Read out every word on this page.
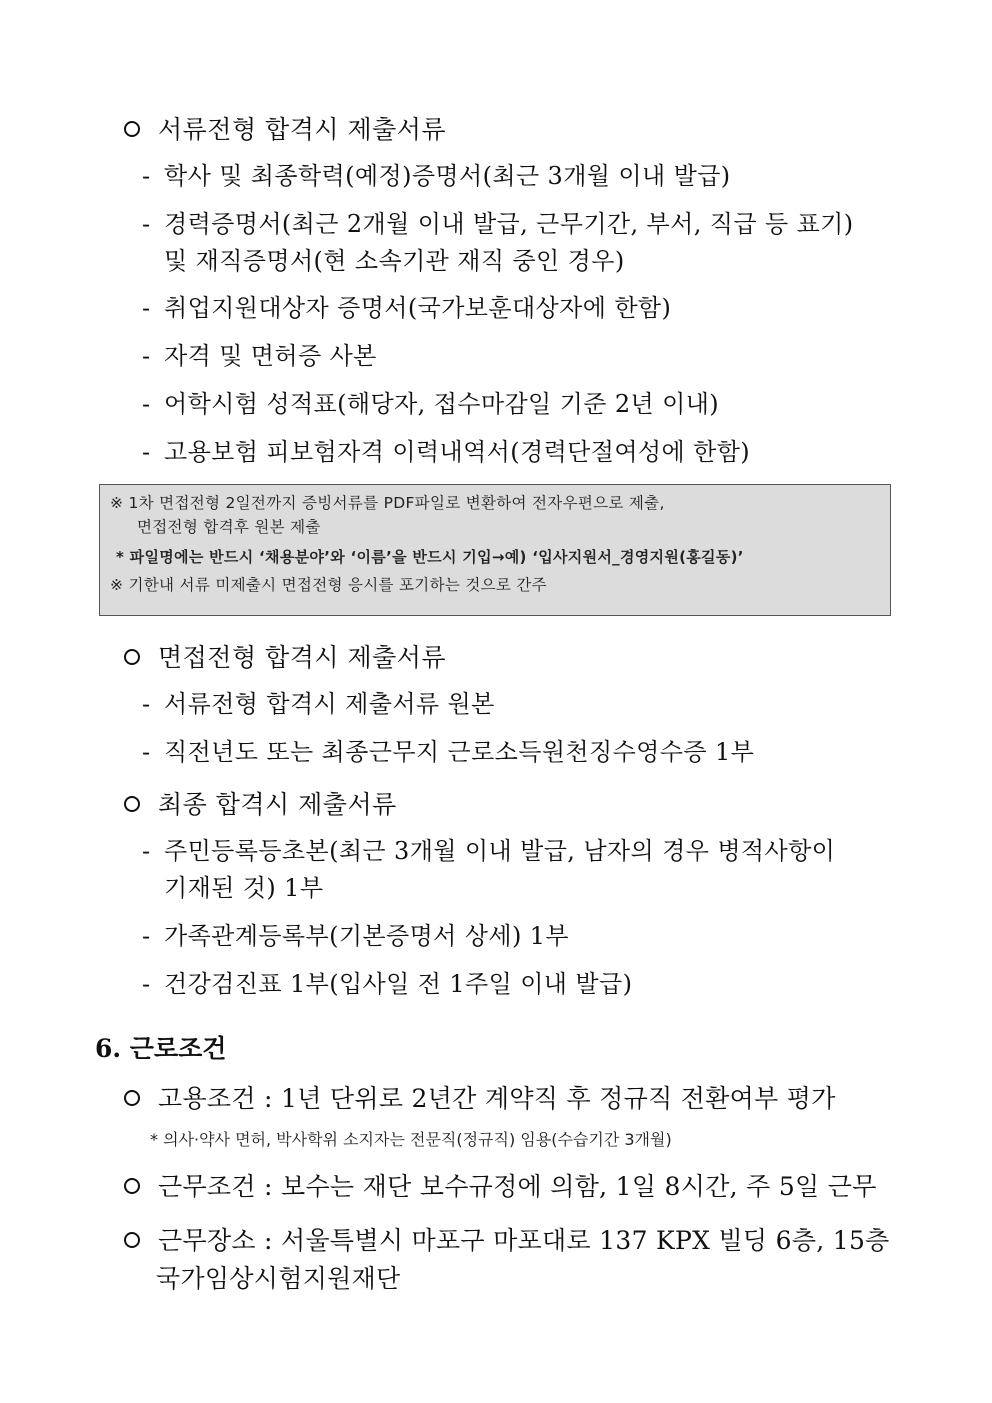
서류전형 합격시 제출서류
- 학사 및 최종학력(예정)증명서(최근 3개월 이내 발급)
- 경력증명서(최근 2개월 이내 발급, 근무기간, 부서, 직급 등 표기)
및 재직증명서(현 소속기관 재직 중인 경우)
- 취업지원대상자 증명서(국가보훈대상자에 한함)
- 자격 및 면허증 사본
- 어학시험 성적표(해당자, 접수마감일 기준 2년 이내)
- 고용보험 피보험자격 이력내역서(경력단절여성에 한함)
※ 1차 면접전형 2일전까지 증빙서류를 PDF파일로 변환하여 전자우편으로 제출,
면접전형 합격후 원본 제출
* 파일명에는 반드시 ‘채용분야’와 ‘이름’을 반드시 기입→예) ‘입사지원서_경영지원(홍길동)’
※ 기한내 서류 미제출시 면접전형 응시를 포기하는 것으로 간주
면접전형 합격시 제출서류
- 서류전형 합격시 제출서류 원본
- 직전년도 또는 최종근무지 근로소득원천징수영수증 1부
최종 합격시 제출서류
- 주민등록등초본(최근 3개월 이내 발급, 남자의 경우 병적사항이
기재된 것) 1부
- 가족관계등록부(기본증명서 상세) 1부
- 건강검진표 1부(입사일 전 1주일 이내 발급)
6. 근로조건
고용조건 : 1년 단위로 2년간 계약직 후 정규직 전환여부 평가
* 의사·약사 면허, 박사학위 소지자는 전문직(정규직) 임용(수습기간 3개월)
근무조건 : 보수는 재단 보수규정에 의함, 1일 8시간, 주 5일 근무
근무장소 : 서울특별시 마포구 마포대로 137 KPX 빌딩 6층, 15층
국가임상시험지원재단
